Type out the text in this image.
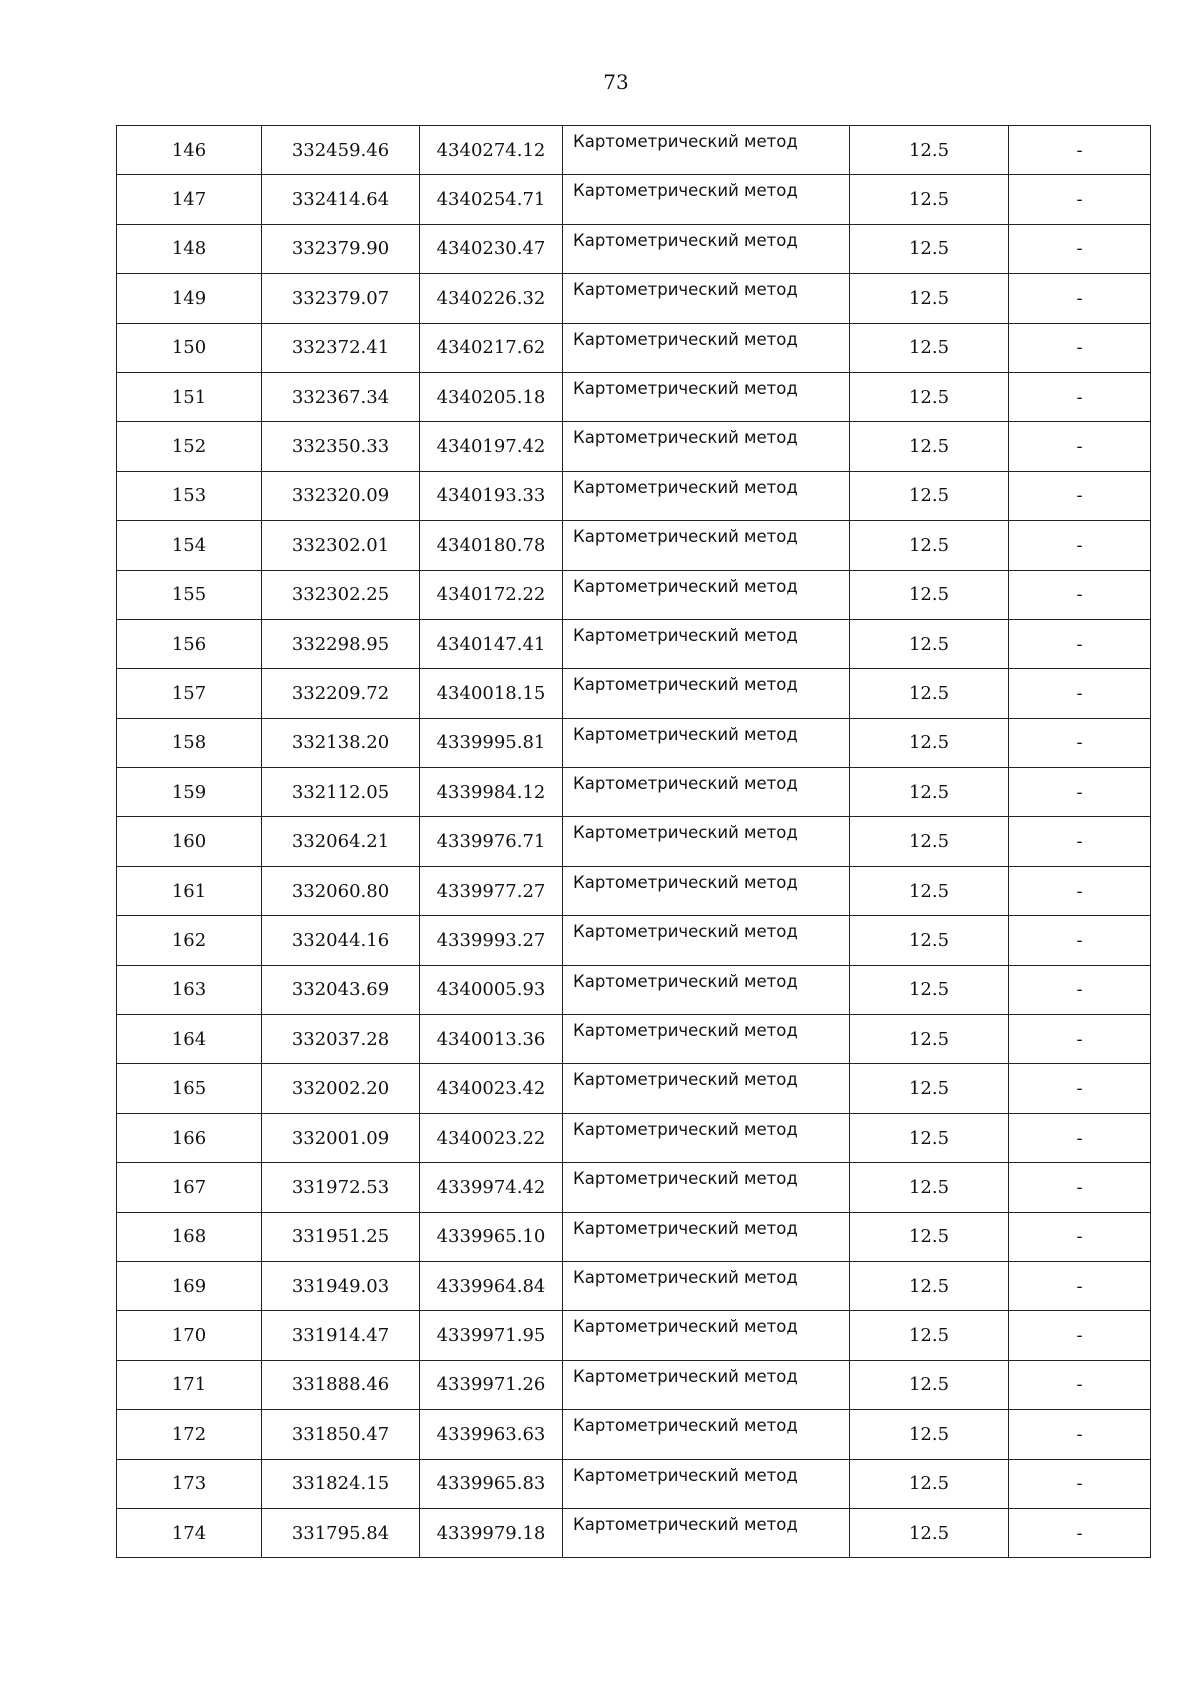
73
146	332459.46	4340274.12	Картометрический метод	12.5	-
147	332414.64	4340254.71	Картометрический метод	12.5	-
148	332379.90	4340230.47	Картометрический метод	12.5	-
149	332379.07	4340226.32	Картометрический метод	12.5	-
150	332372.41	4340217.62	Картометрический метод	12.5	-
151	332367.34	4340205.18	Картометрический метод	12.5	-
152	332350.33	4340197.42	Картометрический метод	12.5	-
153	332320.09	4340193.33	Картометрический метод	12.5	-
154	332302.01	4340180.78	Картометрический метод	12.5	-
155	332302.25	4340172.22	Картометрический метод	12.5	-
156	332298.95	4340147.41	Картометрический метод	12.5	-
157	332209.72	4340018.15	Картометрический метод	12.5	-
158	332138.20	4339995.81	Картометрический метод	12.5	-
159	332112.05	4339984.12	Картометрический метод	12.5	-
160	332064.21	4339976.71	Картометрический метод	12.5	-
161	332060.80	4339977.27	Картометрический метод	12.5	-
162	332044.16	4339993.27	Картометрический метод	12.5	-
163	332043.69	4340005.93	Картометрический метод	12.5	-
164	332037.28	4340013.36	Картометрический метод	12.5	-
165	332002.20	4340023.42	Картометрический метод	12.5	-
166	332001.09	4340023.22	Картометрический метод	12.5	-
167	331972.53	4339974.42	Картометрический метод	12.5	-
168	331951.25	4339965.10	Картометрический метод	12.5	-
169	331949.03	4339964.84	Картометрический метод	12.5	-
170	331914.47	4339971.95	Картометрический метод	12.5	-
171	331888.46	4339971.26	Картометрический метод	12.5	-
172	331850.47	4339963.63	Картометрический метод	12.5	-
173	331824.15	4339965.83	Картометрический метод	12.5	-
174	331795.84	4339979.18	Картометрический метод	12.5	-
